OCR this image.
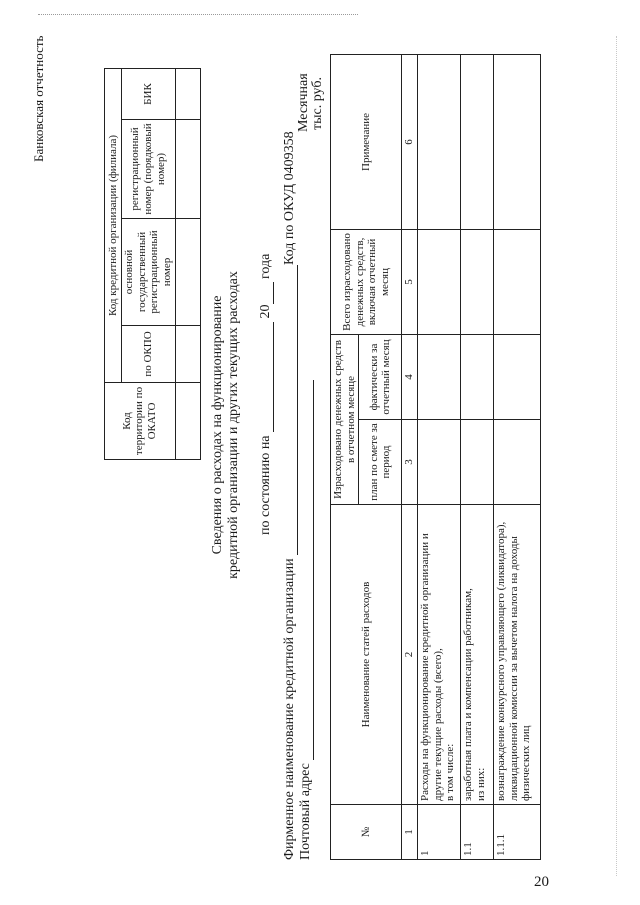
Банковская отчетность
Код территории по ОКАТО	Код кредитной организации (филиала)			
	по ОКПО	основной государственный регистрационный номер	регистрационный номер (порядковый номер)	БИК

Сведения о расходах на функционирование кредитной организации и других текущих расходах по состоянию на  20 года
Фирменное наименование кредитной организации Почтовый адрес
Код по ОКУД 0409358
Месячная тыс. руб.
№	Наименование статей расходов	Израсходовано денежных средств в отчетном месяце		Всего израсходовано денежных средств, включая отчетный месяц	Примечание
		план по смете за период	фактически за отчетный месяц		
1	2	3	4	5	6
1	Расходы на функционирование кредитной организации и другие текущие расходы (всего), в том числе:				

1.1	заработная плата и компенсации работникам, из них:				

1.1.1	вознаграждение конкурсного управляющего (ликвидатора), ликвидационной комиссии за вычетом налога на доходы физических лиц				
20
